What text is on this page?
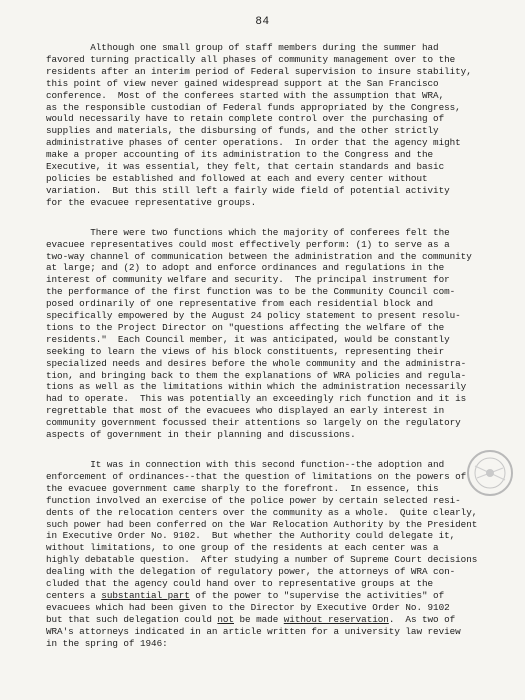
84
Although one small group of staff members during the summer had
favored turning practically all phases of community management over to the
residents after an interim period of Federal supervision to insure stability,
this point of view never gained widespread support at the San Francisco
conference.  Most of the conferees started with the assumption that WRA,
as the responsible custodian of Federal funds appropriated by the Congress,
would necessarily have to retain complete control over the purchasing of
supplies and materials, the disbursing of funds, and the other strictly
administrative phases of center operations.  In order that the agency might
make a proper accounting of its administration to the Congress and the
Executive, it was essential, they felt, that certain standards and basic
policies be established and followed at each and every center without
variation.  But this still left a fairly wide field of potential activity
for the evacuee representative groups.
There were two functions which the majority of conferees felt the
evacuee representatives could most effectively perform: (1) to serve as a
two-way channel of communication between the administration and the community
at large; and (2) to adopt and enforce ordinances and regulations in the
interest of community welfare and security.  The principal instrument for
the performance of the first function was to be the Community Council com-
posed ordinarily of one representative from each residential block and
specifically empowered by the August 24 policy statement to present resolu-
tions to the Project Director on "questions affecting the welfare of the
residents."  Each Council member, it was anticipated, would be constantly
seeking to learn the views of his block constituents, representing their
specialized needs and desires before the whole community and the administra-
tion, and bringing back to them the explanations of WRA policies and regula-
tions as well as the limitations within which the administration necessarily
had to operate.  This was potentially an exceedingly rich function and it is
regrettable that most of the evacuees who displayed an early interest in
community government focussed their attentions so largely on the regulatory
aspects of government in their planning and discussions.
It was in connection with this second function--the adoption and
enforcement of ordinances--that the question of limitations on the powers of
the evacuee government came sharply to the forefront.  In essence, this
function involved an exercise of the police power by certain selected resi-
dents of the relocation centers over the community as a whole.  Quite clearly,
such power had been conferred on the War Relocation Authority by the President
in Executive Order No. 9102.  But whether the Authority could delegate it,
without limitations, to one group of the residents at each center was a
highly debatable question.  After studying a number of Supreme Court decisions
dealing with the delegation of regulatory power, the attorneys of WRA con-
cluded that the agency could hand over to representative groups at the
centers a substantial part of the power to "supervise the activities" of
evacuees which had been given to the Director by Executive Order No. 9102
but that such delegation could not be made without reservation.  As two of
WRA's attorneys indicated in an article written for a university law review
in the spring of 1946:
